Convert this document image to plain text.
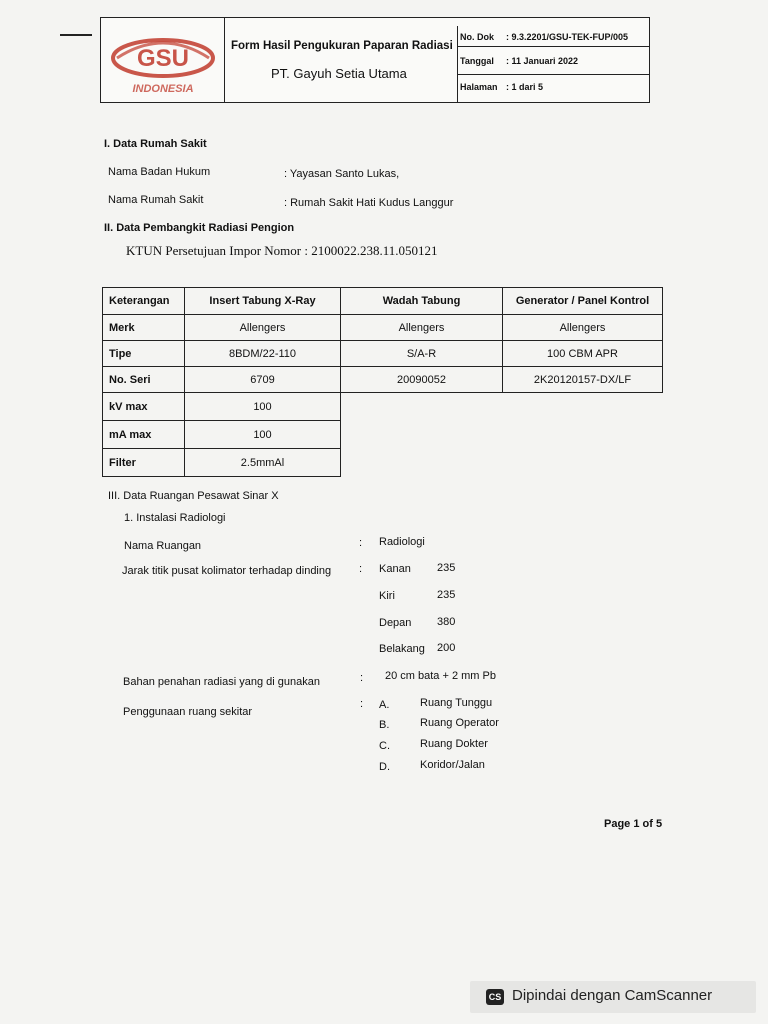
GSU
INDONESIA
Form Hasil Pengukuran Paparan Radiasi
PT. Gayuh Setia Utama
No. Dok : 9.3.2201/GSU-TEK-FUP/005
Tanggal : 11 Januari 2022
Halaman : 1 dari 5
I. Data Rumah Sakit
Nama Badan Hukum	: Yayasan Santo Lukas,
Nama Rumah Sakit	: Rumah Sakit Hati Kudus Langgur
II. Data Pembangkit Radiasi Pengion
KTUN Persetujuan Impor Nomor : 2100022.238.11.050121
Keterangan	Insert Tabung X-Ray	Wadah Tabung	Generator / Panel Kontrol
Merk	Allengers	Allengers	Allengers
Tipe	8BDM/22-110	S/A-R	100 CBM APR
No. Seri	6709	20090052	2K20120157-DX/LF
kV max	100		
mA max	100		
Filter	2.5mmAl		
III. Data Ruangan Pesawat Sinar X
1. Instalasi Radiologi
Nama Ruangan	: Radiologi
Jarak titik pusat kolimator terhadap dinding	: Kanan 235
Kiri	235
Depan 380
Belakang 200
Bahan penahan radiasi yang di gunakan	: 20 cm bata + 2 mm Pb
Penggunaan ruang sekitar
: A.	Ruang Tunggu
B.	Ruang Operator
C.	Ruang Dokter
D.	Koridor/Jalan
Page 1 of 5
CS Dipindai dengan CamScanner
